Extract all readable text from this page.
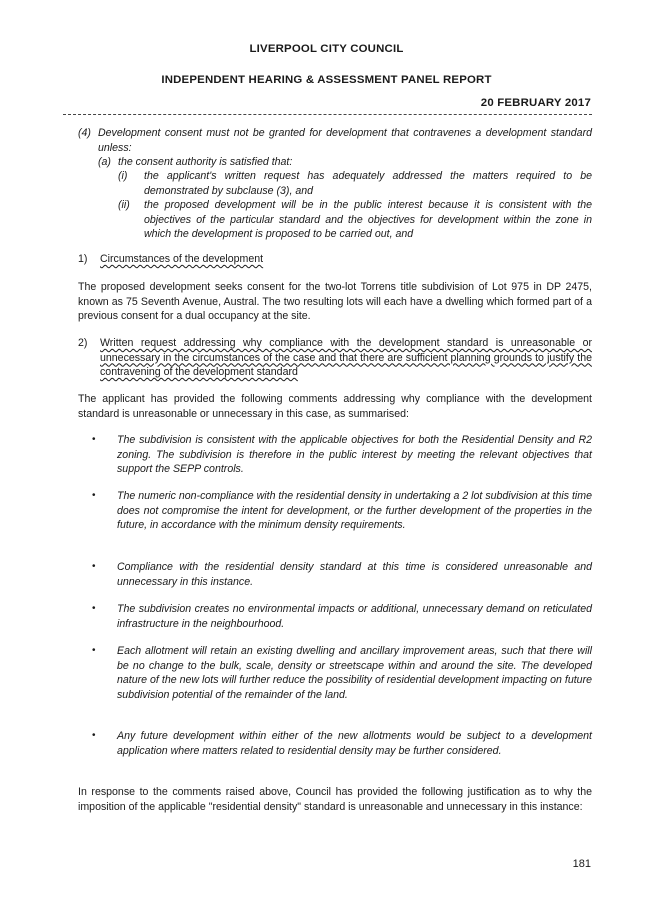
LIVERPOOL CITY COUNCIL
INDEPENDENT HEARING & ASSESSMENT PANEL REPORT
20 FEBRUARY 2017
(4) Development consent must not be granted for development that contravenes a development standard unless:
(a) the consent authority is satisfied that:
(i)	the applicant's written request has adequately addressed the matters required to be demonstrated by subclause (3), and
(ii)	the proposed development will be in the public interest because it is consistent with the objectives of the particular standard and the objectives for development within the zone in which the development is proposed to be carried out, and
1)	Circumstances of the development
The proposed development seeks consent for the two-lot Torrens title subdivision of Lot 975 in DP 2475, known as 75 Seventh Avenue, Austral. The two resulting lots will each have a dwelling which formed part of a previous consent for a dual occupancy at the site.
2)	Written request addressing why compliance with the development standard is unreasonable or unnecessary in the circumstances of the case and that there are sufficient planning grounds to justify the contravening of the development standard
The applicant has provided the following comments addressing why compliance with the development standard is unreasonable or unnecessary in this case, as summarised:
•	The subdivision is consistent with the applicable objectives for both the Residential Density and R2 zoning. The subdivision is therefore in the public interest by meeting the relevant objectives that support the SEPP controls.
•	The numeric non-compliance with the residential density in undertaking a 2 lot subdivision at this time does not compromise the intent for development, or the further development of the properties in the future, in accordance with the minimum density requirements.
•	Compliance with the residential density standard at this time is considered unreasonable and unnecessary in this instance.
•	The subdivision creates no environmental impacts or additional, unnecessary demand on reticulated infrastructure in the neighbourhood.
•	Each allotment will retain an existing dwelling and ancillary improvement areas, such that there will be no change to the bulk, scale, density or streetscape within and around the site. The developed nature of the new lots will further reduce the possibility of residential development impacting on future subdivision potential of the remainder of the land.
•	Any future development within either of the new allotments would be subject to a development application where matters related to residential density may be further considered.
In response to the comments raised above, Council has provided the following justification as to why the imposition of the applicable "residential density" standard is unreasonable and unnecessary in this instance:
181
